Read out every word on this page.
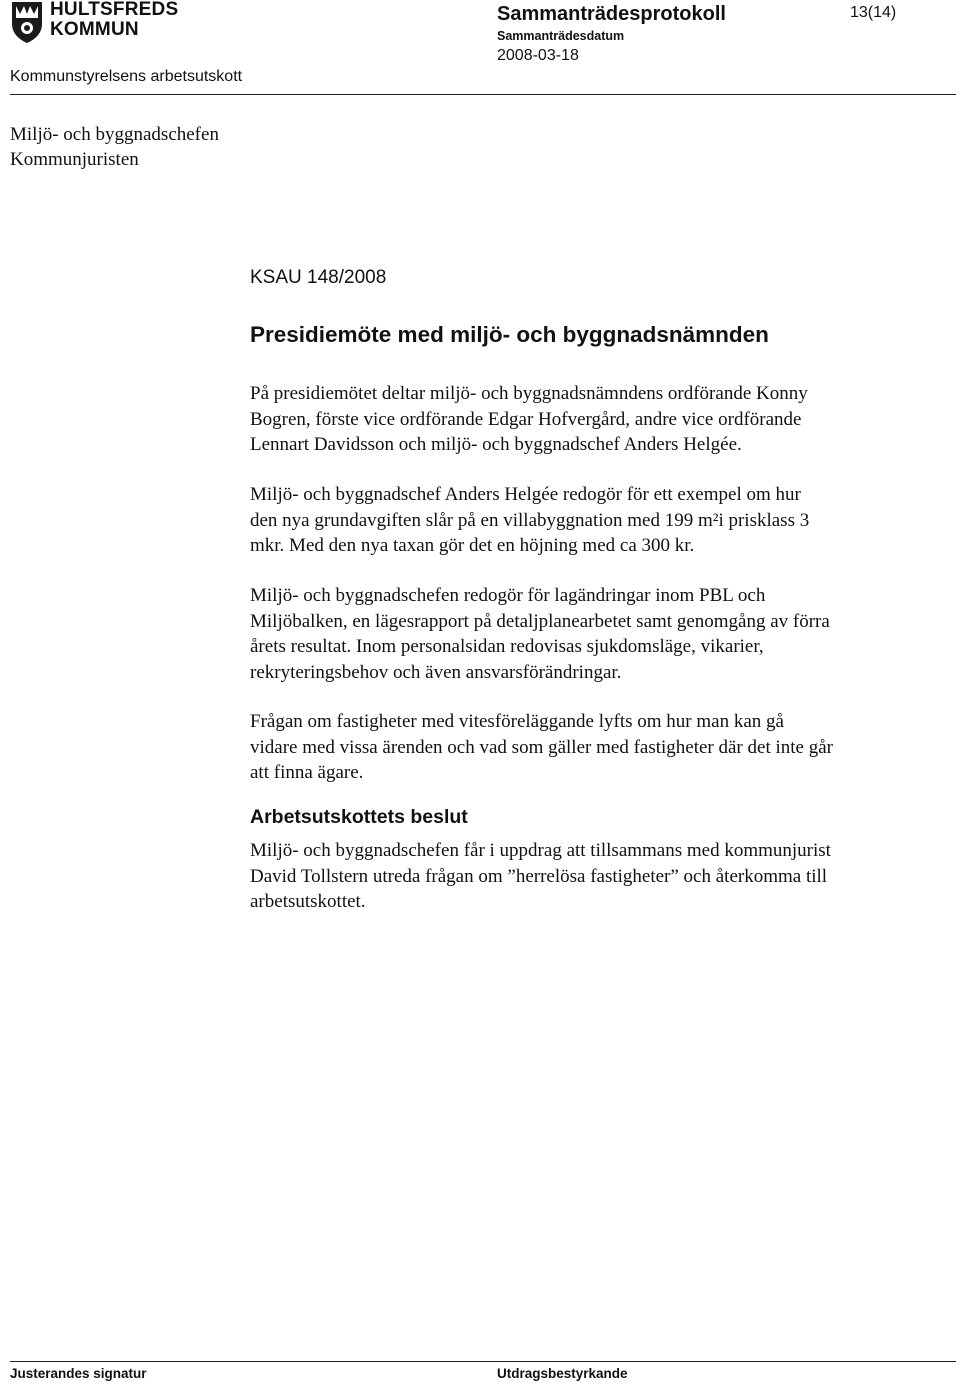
HULTSFREDS
KOMMUN
Sammanträdesprotokoll	13(14)
Sammanträdesdatum
2008-03-18
Kommunstyrelsens arbetsutskott
Miljö- och byggnadschefen
Kommunjuristen
KSAU 148/2008
Presidiemöte med miljö- och byggnadsnämnden
På presidiemötet deltar miljö- och byggnadsnämndens ordförande Konny
Bogren, förste vice ordförande Edgar Hofvergård, andre vice ordförande
Lennart Davidsson och miljö- och byggnadschef Anders Helgée.
Miljö- och byggnadschef Anders Helgée redogör för ett exempel om hur
den nya grundavgiften slår på en villabyggnation med 199 m²i prisklass 3
mkr. Med den nya taxan gör det en höjning med ca 300 kr.
Miljö- och byggnadschefen redogör för lagändringar inom PBL och
Miljöbalken, en lägesrapport på detaljplanearbetet samt genomgång av förra
årets resultat. Inom personalsidan redovisas sjukdomsläge, vikarier,
rekryteringsbehov och även ansvarsförändringar.
Frågan om fastigheter med vitesföreläggande lyfts om hur man kan gå
vidare med vissa ärenden och vad som gäller med fastigheter där det inte går
att finna ägare.
Arbetsutskottets beslut
Miljö- och byggnadschefen får i uppdrag att tillsammans med kommunjurist
David Tollstern utreda frågan om ”herrelösa fastigheter” och återkomma till
arbetsutskottet.
Justerandes signatur	Utdragsbestyrkande
